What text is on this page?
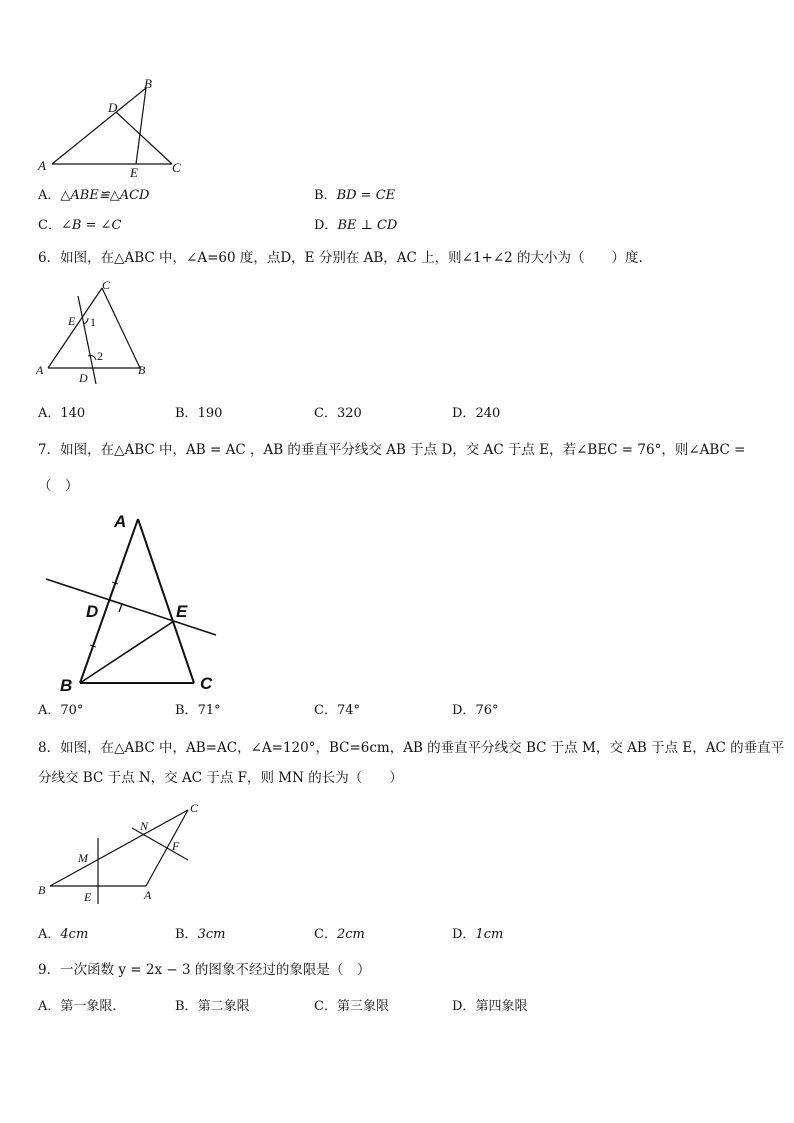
A
B
C
D
E
A．△ABE≌△ACD	B．BD = CE
C．∠B = ∠C	D．BE ⊥ CD
6．如图，在△ABC 中，∠A=60 度，点D，E 分别在 AB，AC 上，则∠1+∠2 的大小为（　　）度.
A	B
C
D
E 1
2
A．140	B．190	C．320	D．240
7．如图，在△ABC 中，AB = AC ，AB 的垂直平分线交 AB 于点 D，交 AC 于点 E，若∠BEC = 76°，则∠ABC =
（　）
A
B	C
D	E
A．70°	B．71°	C．74°	D．76°
8．如图，在△ABC 中，AB=AC，∠A=120°，BC=6cm，AB 的垂直平分线交 BC 于点 M，交 AB 于点 E，AC 的垂直平
分线交 BC 于点 N，交 AC 于点 F，则 MN 的长为（　　）
B	A
C
M
N
E
F
A．4cm	B．3cm	C．2cm	D．1cm
9．一次函数 y = 2x − 3 的图象不经过的象限是（　）
A．第一象限.	B．第二象限	C．第三象限	D．第四象限
